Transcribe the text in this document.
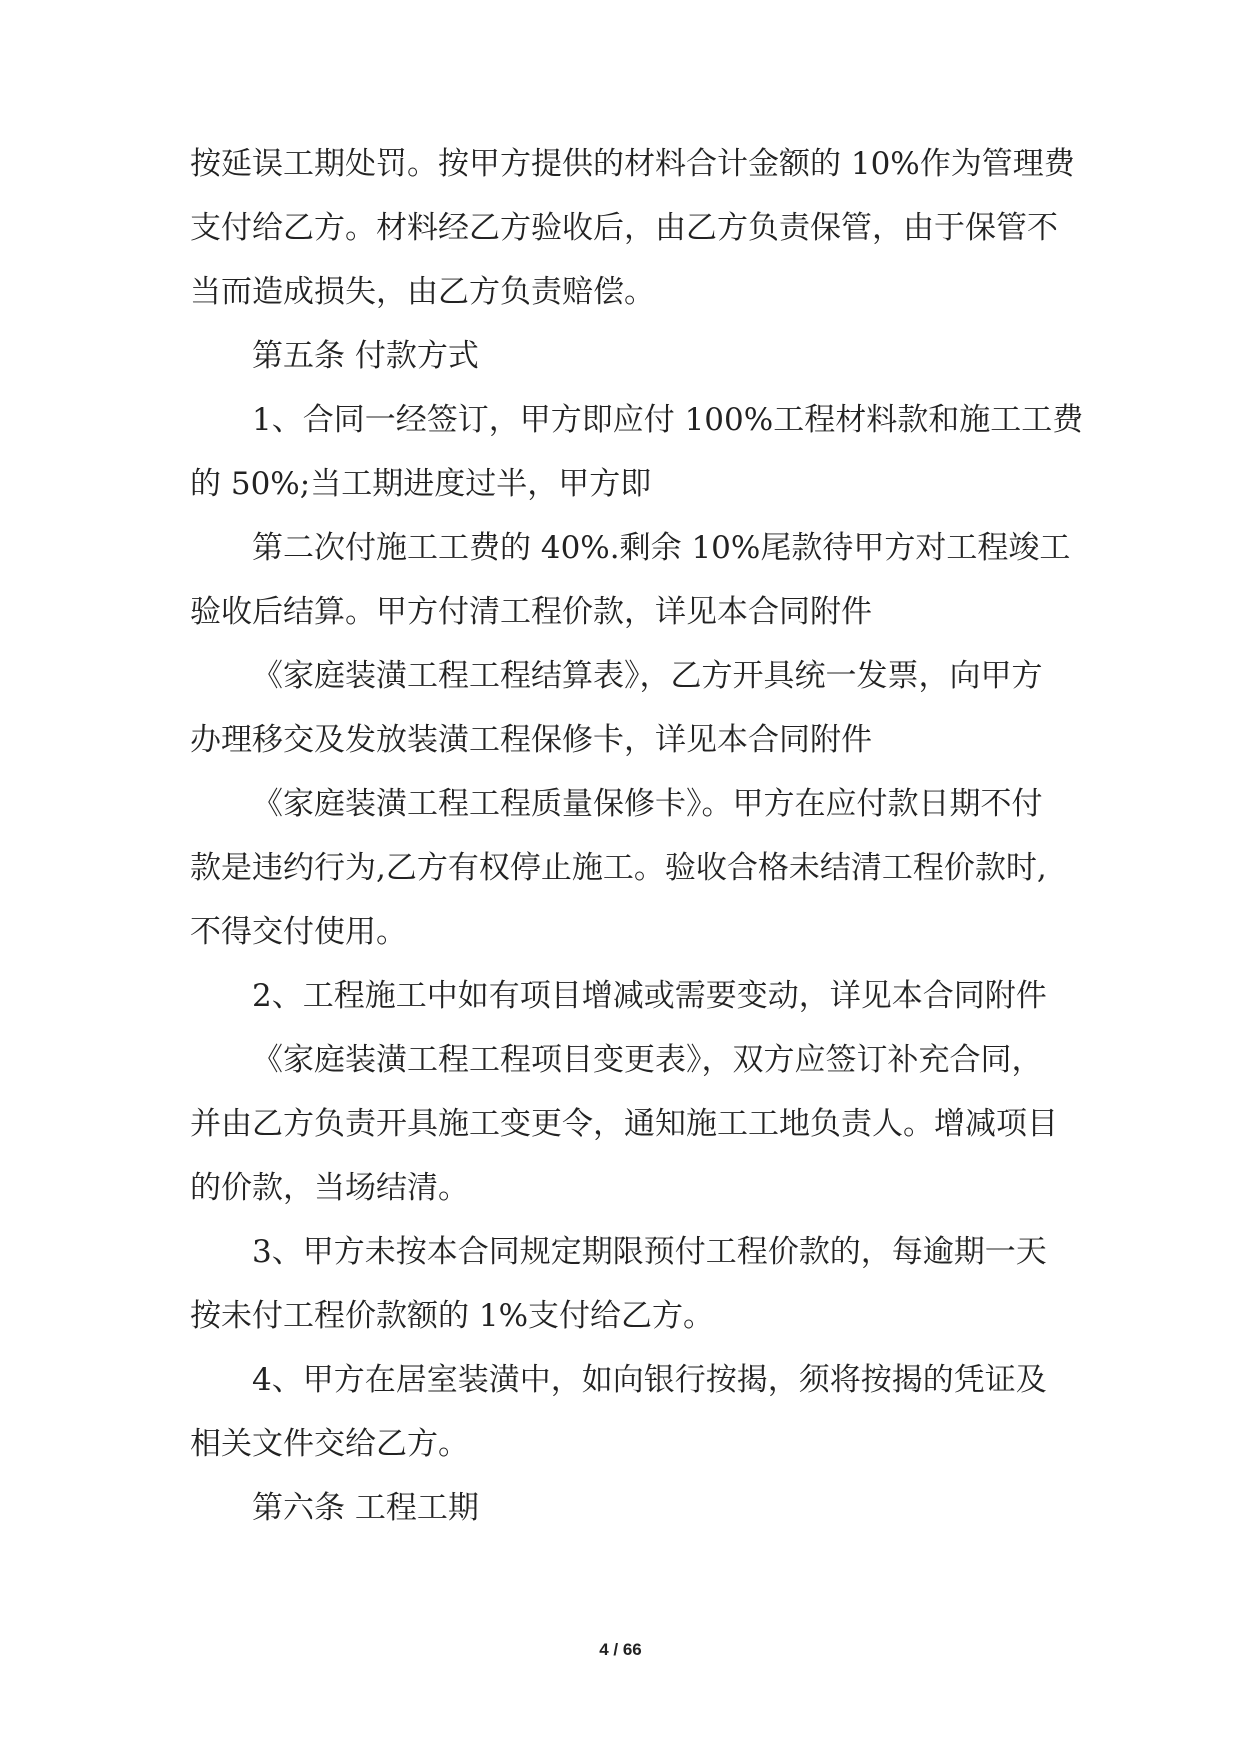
按延误工期处罚。按甲方提供的材料合计金额的 10%作为管理费
支付给乙方。材料经乙方验收后，由乙方负责保管，由于保管不
当而造成损失，由乙方负责赔偿。
第五条 付款方式
1、合同一经签订，甲方即应付 100%工程材料款和施工工费
的 50%;当工期进度过半，甲方即
第二次付施工工费的 40%.剩余 10%尾款待甲方对工程竣工
验收后结算。甲方付清工程价款，详见本合同附件
《家庭装潢工程工程结算表》，乙方开具统一发票，向甲方
办理移交及发放装潢工程保修卡，详见本合同附件
《家庭装潢工程工程质量保修卡》。甲方在应付款日期不付
款是违约行为,乙方有权停止施工。验收合格未结清工程价款时,
不得交付使用。
2、工程施工中如有项目增减或需要变动，详见本合同附件
《家庭装潢工程工程项目变更表》，双方应签订补充合同，
并由乙方负责开具施工变更令，通知施工工地负责人。增减项目
的价款，当场结清。
3、甲方未按本合同规定期限预付工程价款的，每逾期一天
按未付工程价款额的 1%支付给乙方。
4、甲方在居室装潢中，如向银行按揭，须将按揭的凭证及
相关文件交给乙方。
第六条 工程工期
4 / 66
